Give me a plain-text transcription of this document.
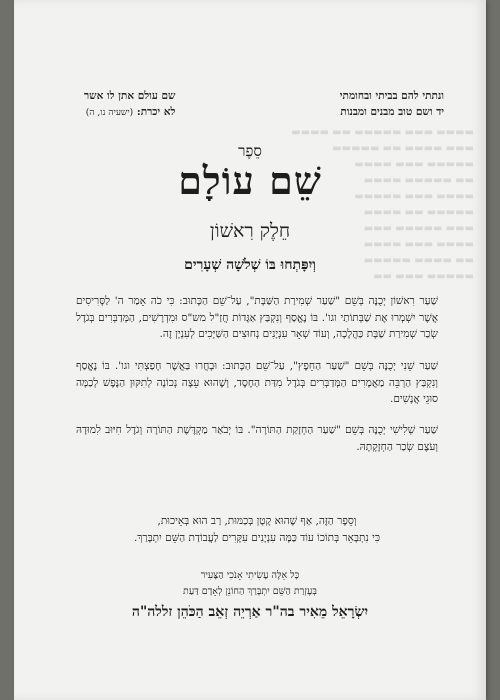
▬▬▬▬ ▬▬▬ ▬▬▬▬▬ ▬▬ ▬▬▬▬
▬▬▬ ▬▬▬▬ ▬▬ ▬▬▬▬▬
▬▬▬▬▬ ▬▬▬ ▬▬▬▬
▬▬ ▬▬▬▬▬ ▬▬▬▬
▬▬▬▬ ▬▬▬ ▬▬▬▬▬
▬▬▬▬▬ ▬▬ ▬▬▬▬
▬▬▬ ▬▬▬▬▬ ▬▬▬
▬▬▬▬ ▬▬▬ ▬▬▬▬
▬▬ ▬▬▬▬ ▬▬▬▬▬
▬▬▬▬▬ ▬▬▬ ▬▬
ונתתי להם בביתי ובחומתי
יד ושם טוב מבנים ומבנות
שם עולם אתן לו אשר
לא יכרת: (ישעיה נו, ה)
סֵפֶר
שֵׁם עוֹלָם
חֵלֶק רִאשׁוֹן
וְיִפָּתְחוּ בּוֹ שְׁלֹשָׁה שְׁעָרִים
שַׁעַר רִאשׁוֹן יְכֻנֶּה בְּשֵׁם "שַׁעַר שְׁמִירַת הַשַּׁבָּת", עַל־שֵׁם הַכָּתוּב: כִּי כֹה אָמַר ה' לַסָּרִיסִים אֲשֶׁר יִשְׁמְרוּ אֶת שַׁבְּתוֹתַי וגו'. בּוֹ נֶאֱסַף וְנִקְבַּץ אַגָּדוֹת חֲזַ"ל מש"ס וּמִדְרָשִׁים, הַמְּדַבְּרִים בְּגֹדֶל שְׂכַר שְׁמִירַת שַׁבָּת כַּהֲלָכָה, וְעוֹד שְׁאָר עִנְיָנִים נְחוּצִים הַשַּׁיָּכִים לְעִנְיָן זֶה.
שַׁעַר שֵׁנִי יְכֻנֶּה בְּשֵׁם "שַׁעַר הַחֵפֶץ", עַל־שֵׁם הַכָּתוּב: וּבָחֲרוּ בַּאֲשֶׁר חָפַצְתִּי וגו'. בּוֹ נֶאֱסַף וְנִקְבַּץ הַרְבֵּה מַאֲמָרִים הַמְּדַבְּרִים בְּגֹדֶל מִדַּת הַחֶסֶד, וְשֶׁהוּא עֵצָה נְכוֹנָה לְתִקּוּן הַנֶּפֶשׁ לְכַמָּה סוּגֵי אֲנָשִׁים.
שַׁעַר שְׁלִישִׁי יְכֻנֶּה בְּשֵׁם "שַׁעַר הַחְזָקַת הַתּוֹרָה". בּוֹ יְבֹאַר מַקְדֶּשֶׁת הַתּוֹרָה וְגֹדֶל חִיּוּב לִמוּדָהּ וְעֹצֶם שְׂכַר הַחְזָקָתָהּ.
וְסֵפֶר הַזֶּה, אַף שֶׁהוּא קָטָן בְּכַמּוּת, רַב הוּא בְּאֵיכוּת,
כִּי נִתְבָּאֵר בְּתוֹכוֹ עוֹד כַּמָּה עִנְיָנִים עִקָּרִים לַעֲבוֹדַת הַשֵּׁם יִתְבָּרַךְ.
כָּל אֵלֶּה עָשִׂיתִי אָנֹכִי הַצָּעִיר
בְּעֶזְרַת הַשֵּׁם יִתְבָּרַךְ הַחוֹנֵן לְאָדָם דַּעַת
יִשְׂרָאֵל מֵאִיר בה"ר אַרְיֵה זְאֵב הַכֹּהֵן זללה"ה
